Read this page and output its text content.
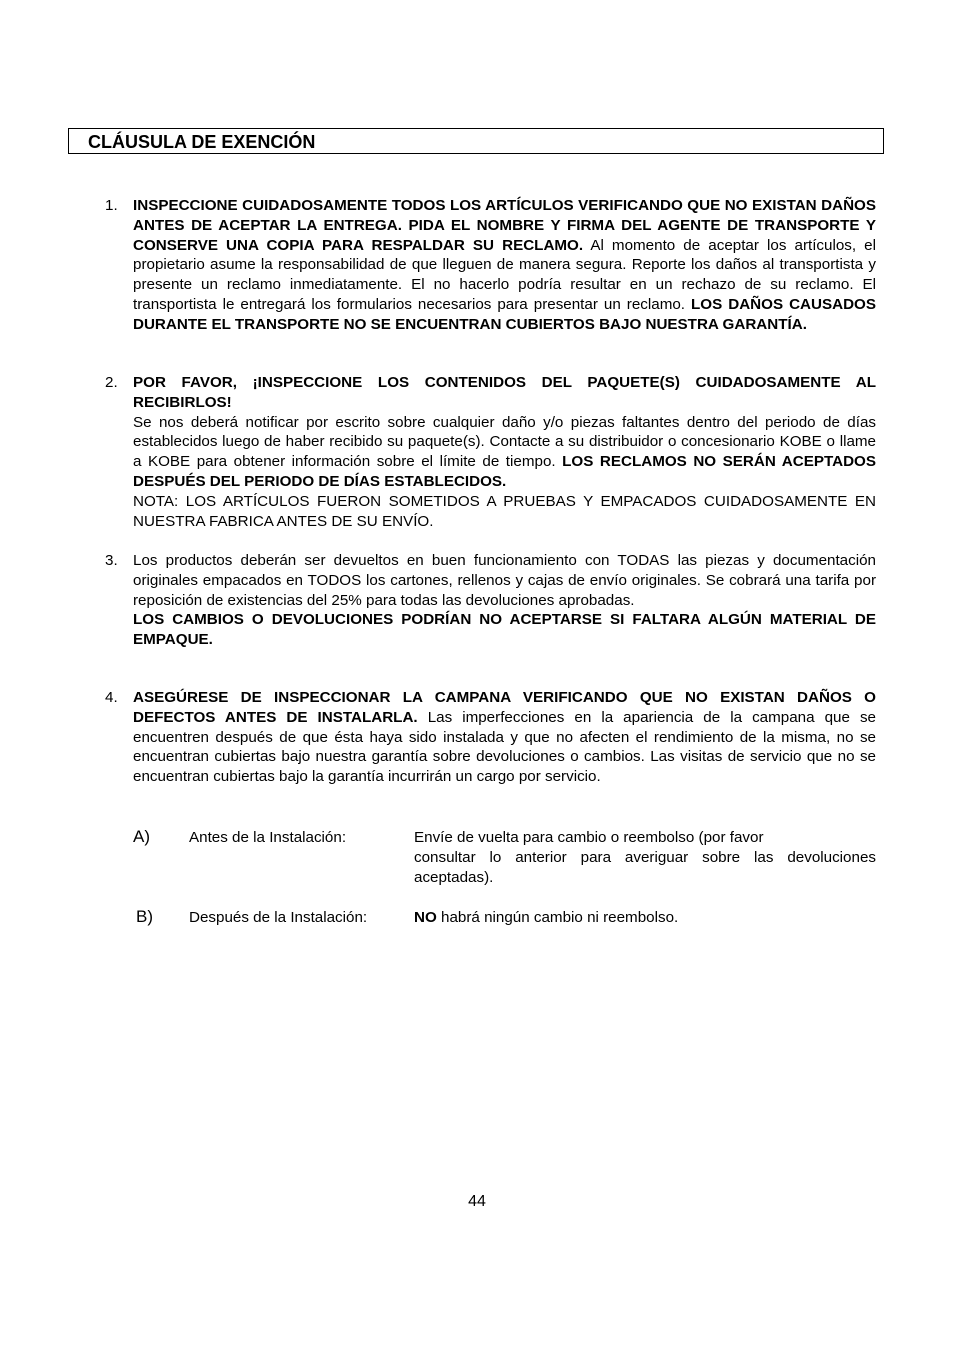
CLÁUSULA DE EXENCIÓN
1.	INSPECCIONE CUIDADOSAMENTE TODOS LOS ARTÍCULOS VERIFICANDO QUE NO EXISTAN DAÑOS ANTES DE ACEPTAR LA ENTREGA. PIDA EL NOMBRE Y FIRMA DEL AGENTE DE TRANSPORTE Y CONSERVE UNA COPIA PARA RESPALDAR SU RECLAMO. Al momento de aceptar los artículos, el propietario asume la responsabilidad de que lleguen de manera segura. Reporte los daños al transportista y presente un reclamo inmediatamente. El no hacerlo podría resultar en un rechazo de su reclamo. El transportista le entregará los formularios necesarios para presentar un reclamo. LOS DAÑOS CAUSADOS DURANTE EL TRANSPORTE NO SE ENCUENTRAN CUBIERTOS BAJO NUESTRA GARANTÍA.
2.	POR FAVOR, ¡INSPECCIONE LOS CONTENIDOS DEL PAQUETE(S) CUIDADOSAMENTE AL RECIBIRLOS!
Se nos deberá notificar por escrito sobre cualquier daño y/o piezas faltantes dentro del periodo de días establecidos luego de haber recibido su paquete(s). Contacte a su distribuidor o concesionario KOBE o llame a KOBE para obtener información sobre el límite de tiempo. LOS RECLAMOS NO SERÁN ACEPTADOS DESPUÉS DEL PERIODO DE DÍAS ESTABLECIDOS.
NOTA: LOS ARTÍCULOS FUERON SOMETIDOS A PRUEBAS Y EMPACADOS CUIDADOSAMENTE EN NUESTRA FABRICA ANTES DE SU ENVÍO.
3.	Los productos deberán ser devueltos en buen funcionamiento con TODAS las piezas y documentación originales empacados en TODOS los cartones, rellenos y cajas de envío originales. Se cobrará una tarifa por reposición de existencias del 25% para todas las devoluciones aprobadas.
LOS CAMBIOS O DEVOLUCIONES PODRÍAN NO ACEPTARSE SI FALTARA ALGÚN MATERIAL DE EMPAQUE.
4.	ASEGÚRESE DE INSPECCIONAR LA CAMPANA VERIFICANDO QUE NO EXISTAN DAÑOS O DEFECTOS ANTES DE INSTALARLA. Las imperfecciones en la apariencia de la campana que se encuentren después de que ésta haya sido instalada y que no afecten el rendimiento de la misma, no se encuentran cubiertas bajo nuestra garantía sobre devoluciones o cambios. Las visitas de servicio que no se encuentran cubiertas bajo la garantía incurrirán un cargo por servicio.
A)	Antes de la Instalación:	Envíe de vuelta para cambio o reembolso (por favor
consultar lo anterior para averiguar sobre las devoluciones aceptadas).
B) Después de la Instalación:	NO habrá ningún cambio ni reembolso.
44
